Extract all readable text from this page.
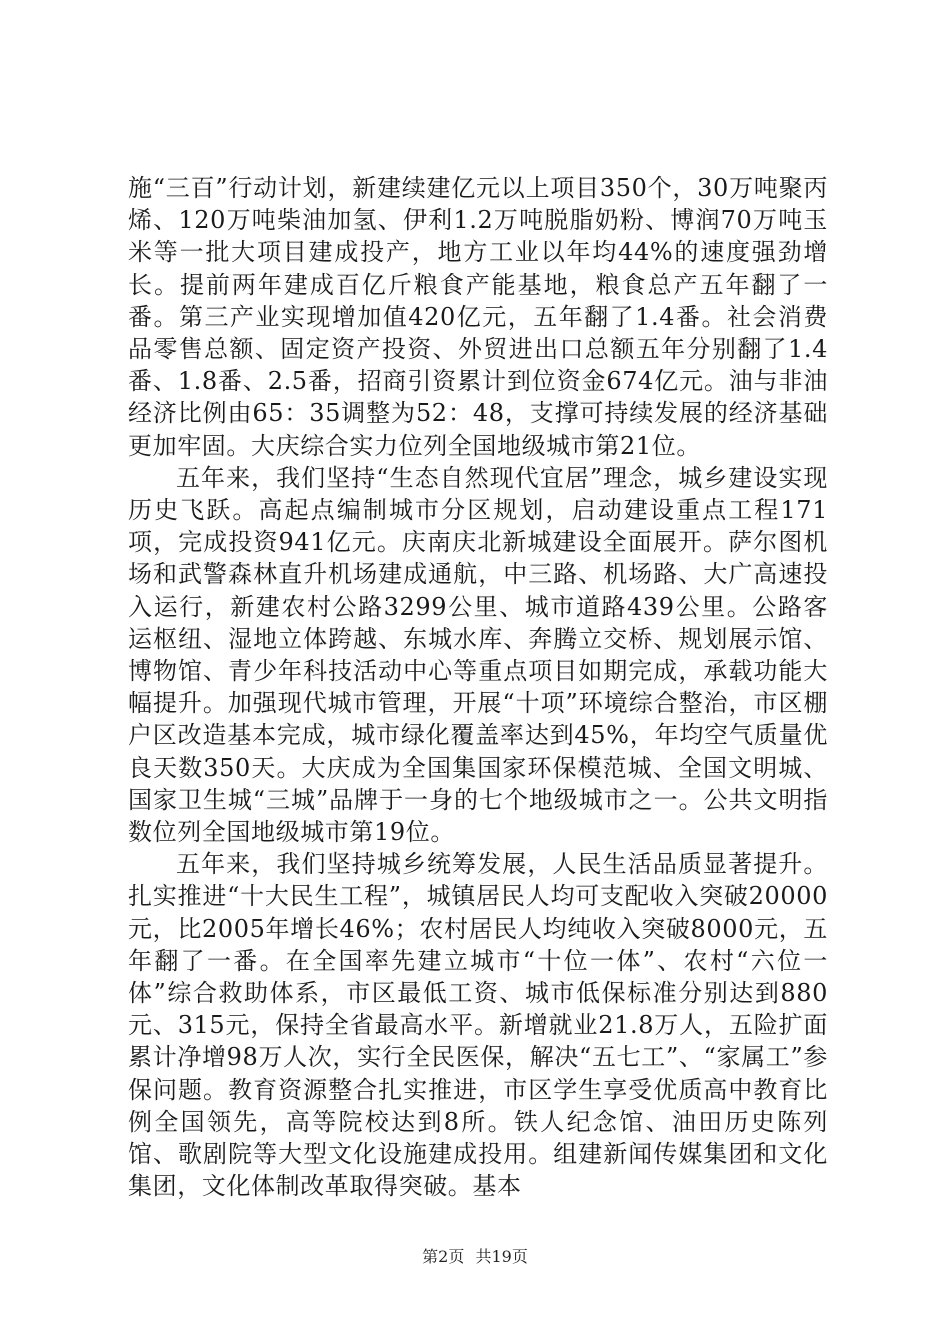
施“三百”行动计划，新建续建亿元以上项目350个，30万吨聚丙烯、120万吨柴油加氢、伊利1.2万吨脱脂奶粉、博润70万吨玉米等一批大项目建成投产，地方工业以年均44%的速度强劲增长。提前两年建成百亿斤粮食产能基地，粮食总产五年翻了一番。第三产业实现增加值420亿元，五年翻了1.4番。社会消费品零售总额、固定资产投资、外贸进出口总额五年分别翻了1.4番、1.8番、2.5番，招商引资累计到位资金674亿元。油与非油经济比例由65：35调整为52：48，支撑可持续发展的经济基础更加牢固。大庆综合实力位列全国地级城市第21位。

五年来，我们坚持“生态自然现代宜居”理念，城乡建设实现历史飞跃。高起点编制城市分区规划，启动建设重点工程171项，完成投资941亿元。庆南庆北新城建设全面展开。萨尔图机场和武警森林直升机场建成通航，中三路、机场路、大广高速投入运行，新建农村公路3299公里、城市道路439公里。公路客运枢纽、湿地立体跨越、东城水库、奔腾立交桥、规划展示馆、博物馆、青少年科技活动中心等重点项目如期完成，承载功能大幅提升。加强现代城市管理，开展“十项”环境综合整治，市区棚户区改造基本完成，城市绿化覆盖率达到45%，年均空气质量优良天数350天。大庆成为全国集国家环保模范城、全国文明城、国家卫生城“三城”品牌于一身的七个地级城市之一。公共文明指数位列全国地级城市第19位。

五年来，我们坚持城乡统筹发展，人民生活品质显著提升。扎实推进“十大民生工程”，城镇居民人均可支配收入突破20000元，比2005年增长46%；农村居民人均纯收入突破8000元，五年翻了一番。在全国率先建立城市“十位一体”、农村“六位一体”综合救助体系，市区最低工资、城市低保标准分别达到880元、315元，保持全省最高水平。新增就业21.8万人，五险扩面累计净增98万人次，实行全民医保，解决“五七工”、“家属工”参保问题。教育资源整合扎实推进，市区学生享受优质高中教育比例全国领先，高等院校达到8所。铁人纪念馆、油田历史陈列馆、歌剧院等大型文化设施建成投用。组建新闻传媒集团和文化集团，文化体制改革取得突破。基本

第2页 共19页
